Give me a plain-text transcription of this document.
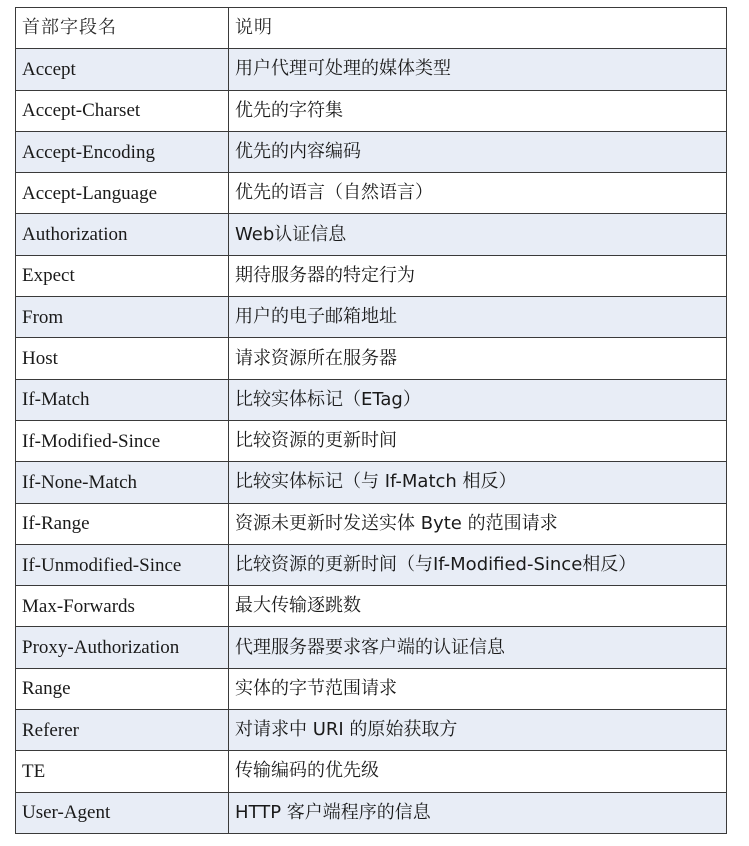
首部字段名	说明
Accept	用户代理可处理的媒体类型
Accept-Charset	优先的字符集
Accept-Encoding	优先的内容编码
Accept-Language	优先的语言（自然语言）
Authorization	Web认证信息
Expect	期待服务器的特定行为
From	用户的电子邮箱地址
Host	请求资源所在服务器
If-Match	比较实体标记（ETag）
If-Modified-Since	比较资源的更新时间
If-None-Match	比较实体标记（与 If-Match 相反）
If-Range	资源未更新时发送实体 Byte 的范围请求
If-Unmodified-Since	比较资源的更新时间（与If-Modified-Since相反）
Max-Forwards	最大传输逐跳数
Proxy-Authorization	代理服务器要求客户端的认证信息
Range	实体的字节范围请求
Referer	对请求中 URI 的原始获取方
TE	传输编码的优先级
User-Agent	HTTP 客户端程序的信息
